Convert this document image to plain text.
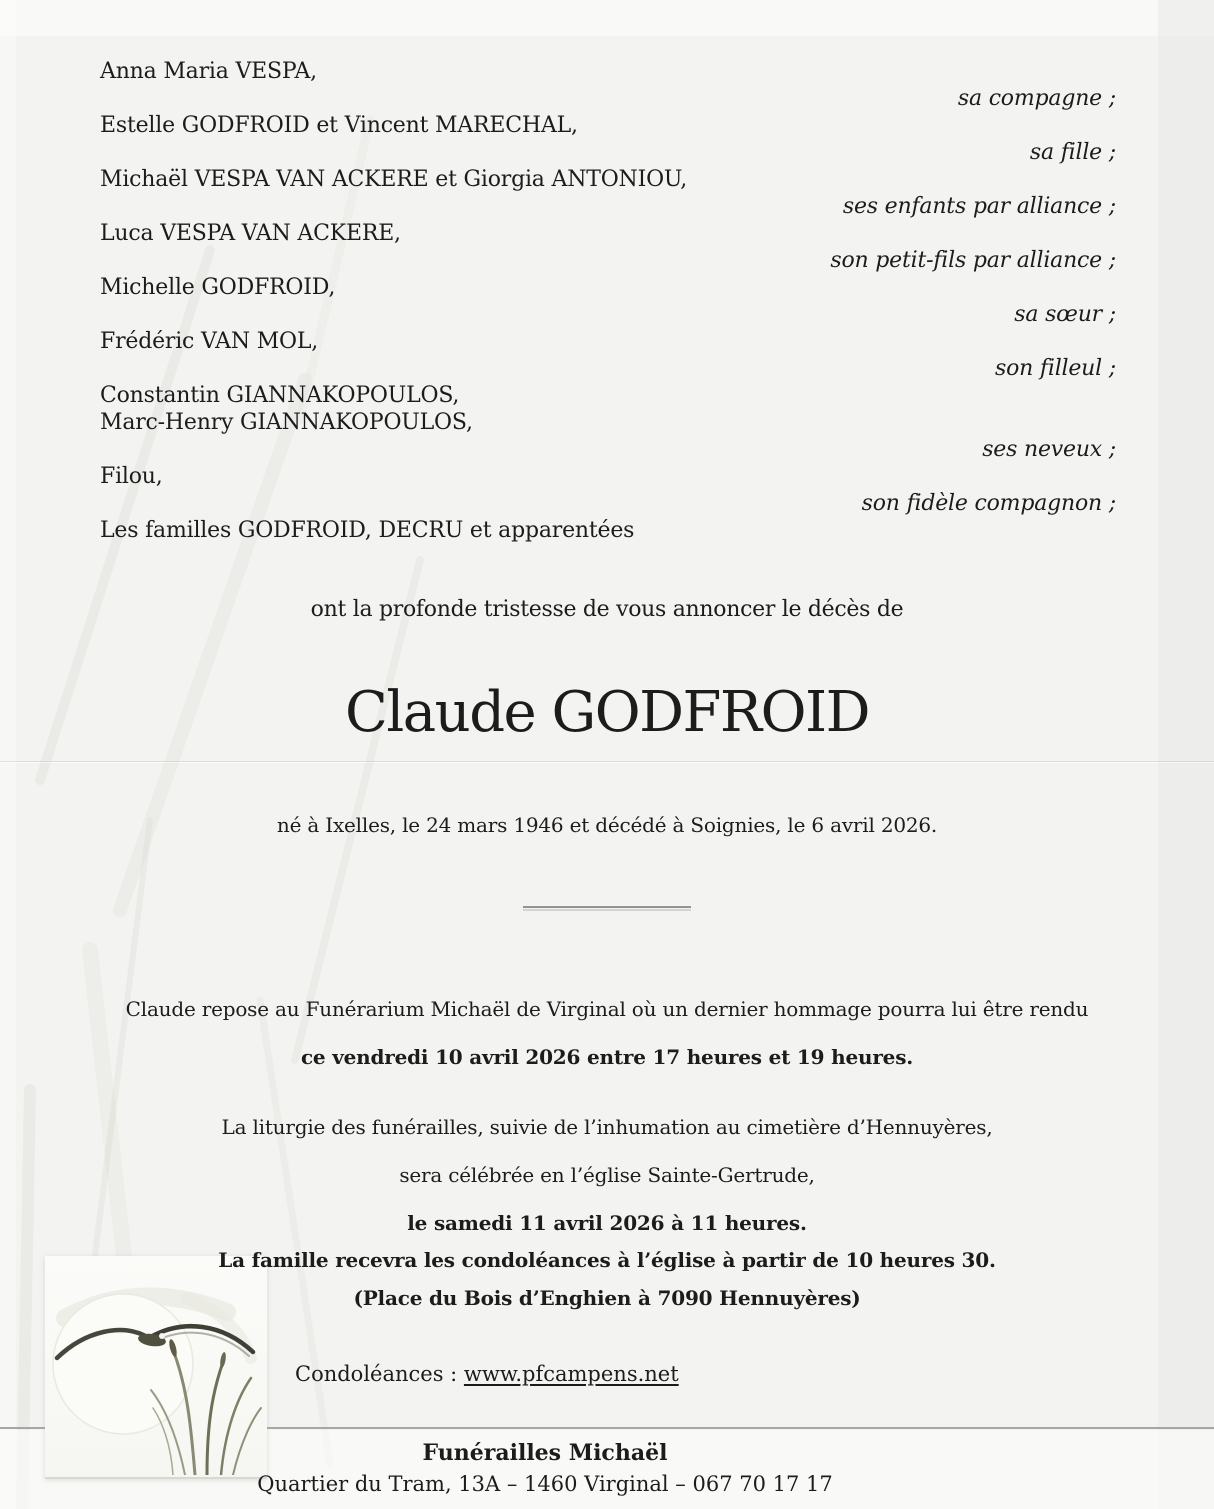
Anna Maria VESPA,
sa compagne ;
Estelle GODFROID et Vincent MARECHAL,
sa fille ;
Michaël VESPA VAN ACKERE et Giorgia ANTONIOU,
ses enfants par alliance ;
Luca VESPA VAN ACKERE,
son petit-fils par alliance ;
Michelle GODFROID,
sa sœur ;
Frédéric VAN MOL,
son filleul ;
Constantin GIANNAKOPOULOS,
Marc-Henry GIANNAKOPOULOS,
ses neveux ;
Filou,
son fidèle compagnon ;
Les familles GODFROID, DECRU et apparentées
ont la profonde tristesse de vous annoncer le décès de
Claude GODFROID
né à Ixelles, le 24 mars 1946 et décédé à Soignies, le 6 avril 2026.
______________
Claude repose au Funérarium Michaël de Virginal où un dernier hommage pourra lui être rendu
ce vendredi 10 avril 2026 entre 17 heures et 19 heures.
La liturgie des funérailles, suivie de l’inhumation au cimetière d’Hennuyères,
sera célébrée en l’église Sainte-Gertrude,
le samedi 11 avril 2026 à 11 heures.
La famille recevra les condoléances à l’église à partir de 10 heures 30.
(Place du Bois d’Enghien à 7090 Hennuyères)
Condoléances : www.pfcampens.net
Funérailles Michaël
Quartier du Tram, 13A – 1460 Virginal – 067 70 17 17
